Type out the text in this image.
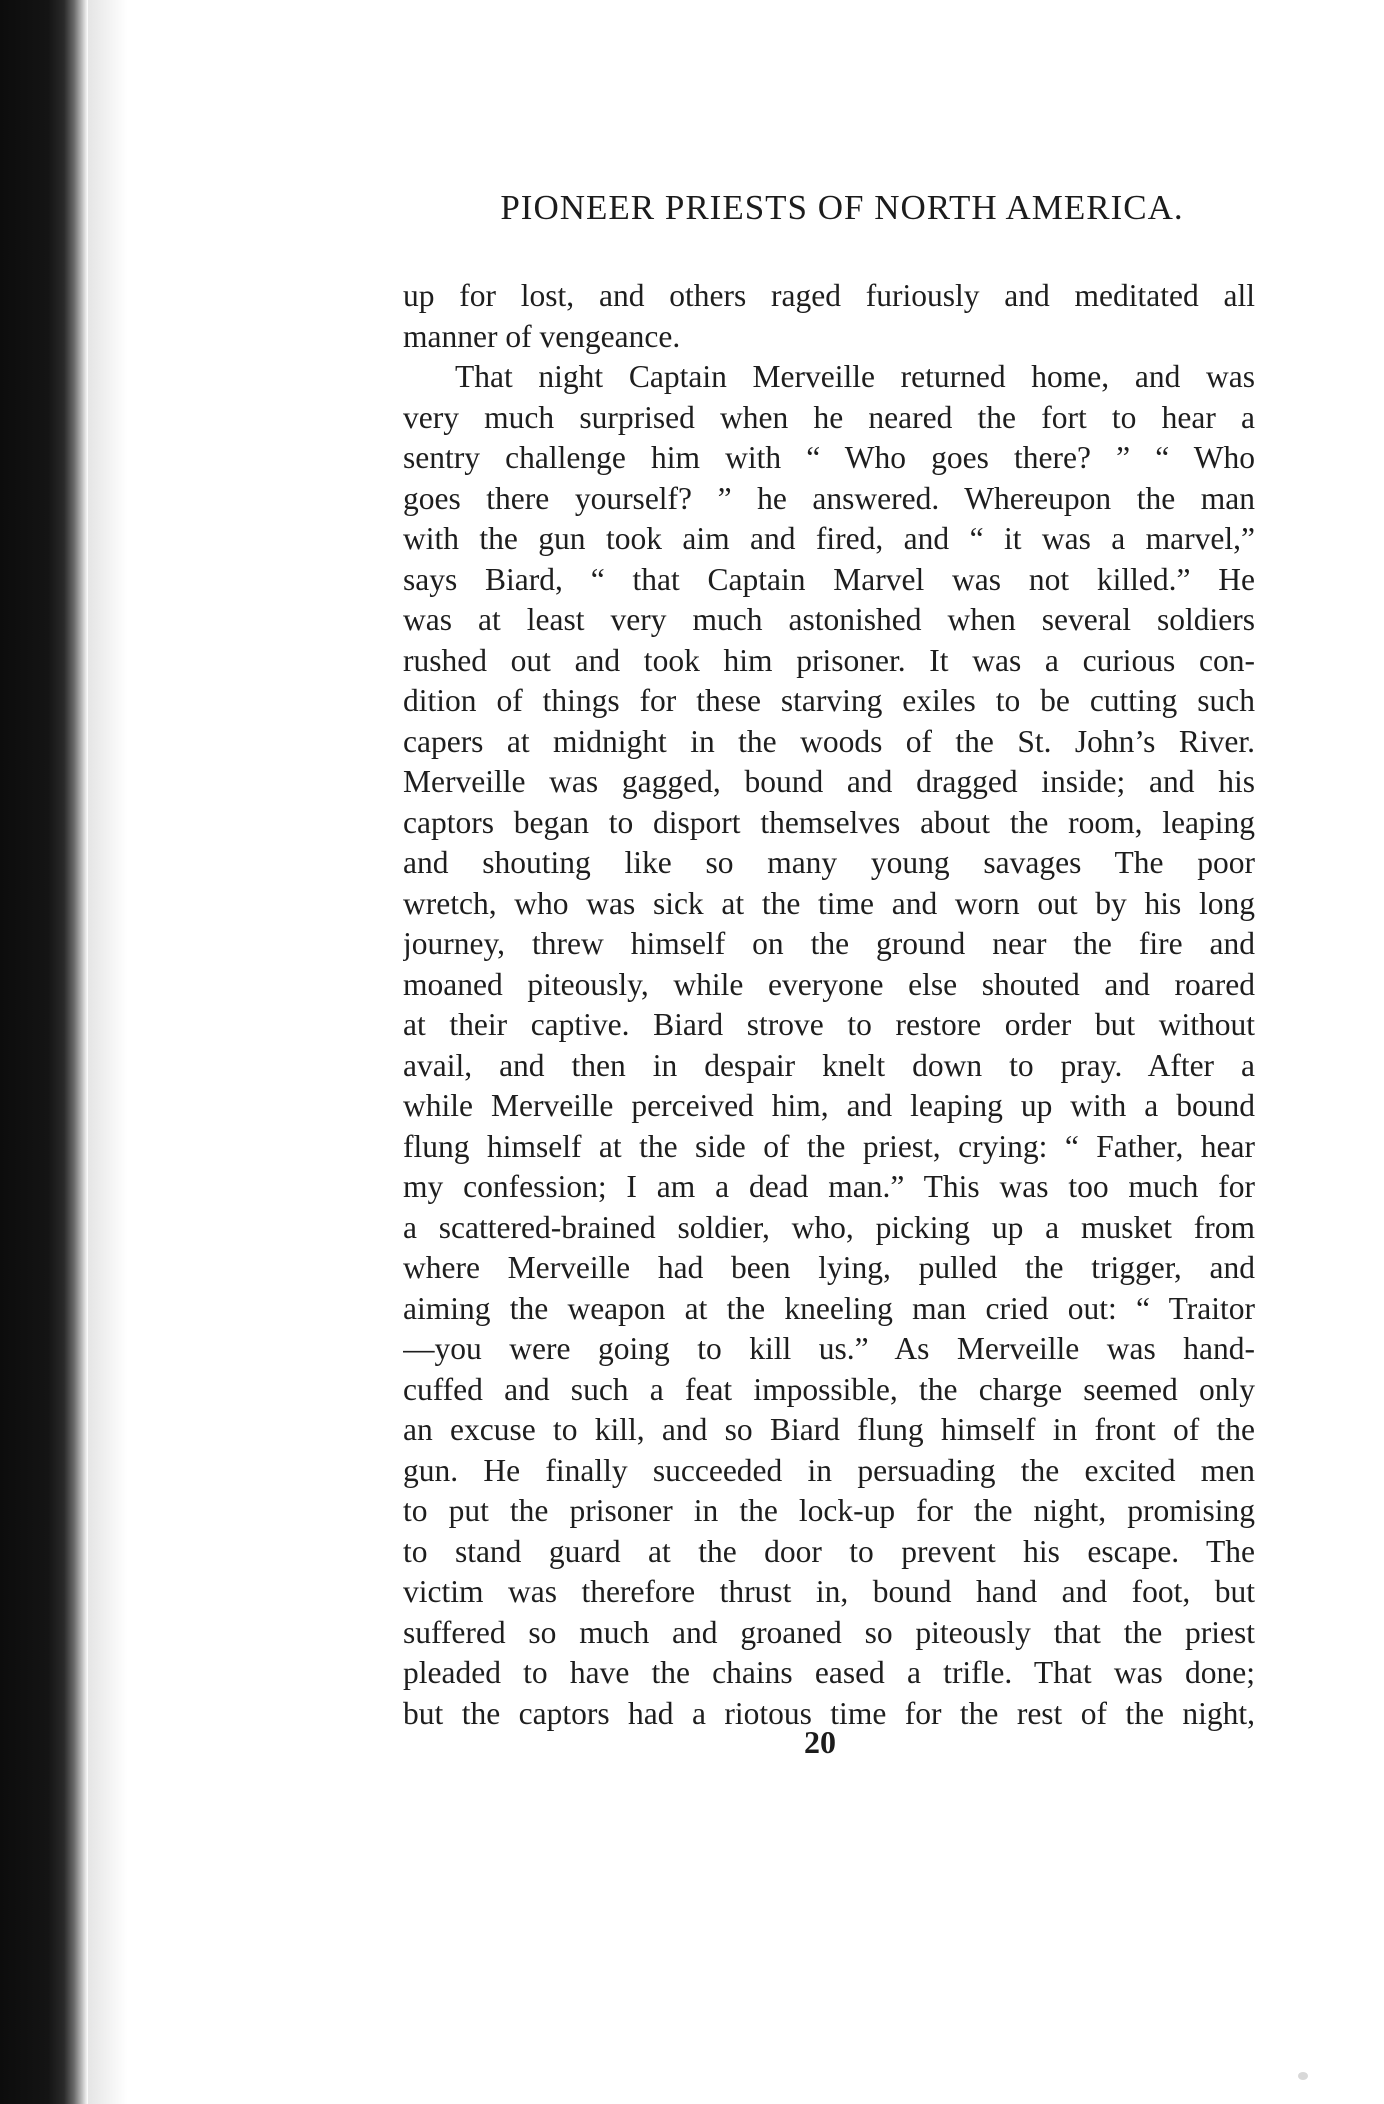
PIONEER PRIESTS OF NORTH AMERICA.
up for lost, and others raged furiously and meditated all
manner of vengeance.
That night Captain Merveille returned home, and was
very much surprised when he neared the fort to hear a
sentry challenge him with “ Who goes there? ” “ Who
goes there yourself? ” he answered. Whereupon the man
with the gun took aim and fired, and “ it was a marvel,”
says Biard, “ that Captain Marvel was not killed.” He
was at least very much astonished when several soldiers
rushed out and took him prisoner. It was a curious con-
dition of things for these starving exiles to be cutting such
capers at midnight in the woods of the St. John’s River.
Merveille was gagged, bound and dragged inside; and his
captors began to disport themselves about the room, leaping
and shouting like so many young savages The poor
wretch, who was sick at the time and worn out by his long
journey, threw himself on the ground near the fire and
moaned piteously, while everyone else shouted and roared
at their captive. Biard strove to restore order but without
avail, and then in despair knelt down to pray. After a
while Merveille perceived him, and leaping up with a bound
flung himself at the side of the priest, crying: “ Father, hear
my confession; I am a dead man.” This was too much for
a scattered-brained soldier, who, picking up a musket from
where Merveille had been lying, pulled the trigger, and
aiming the weapon at the kneeling man cried out: “ Traitor
—you were going to kill us.” As Merveille was hand-
cuffed and such a feat impossible, the charge seemed only
an excuse to kill, and so Biard flung himself in front of the
gun. He finally succeeded in persuading the excited men
to put the prisoner in the lock-up for the night, promising
to stand guard at the door to prevent his escape. The
victim was therefore thrust in, bound hand and foot, but
suffered so much and groaned so piteously that the priest
pleaded to have the chains eased a trifle. That was done;
but the captors had a riotous time for the rest of the night,
20
